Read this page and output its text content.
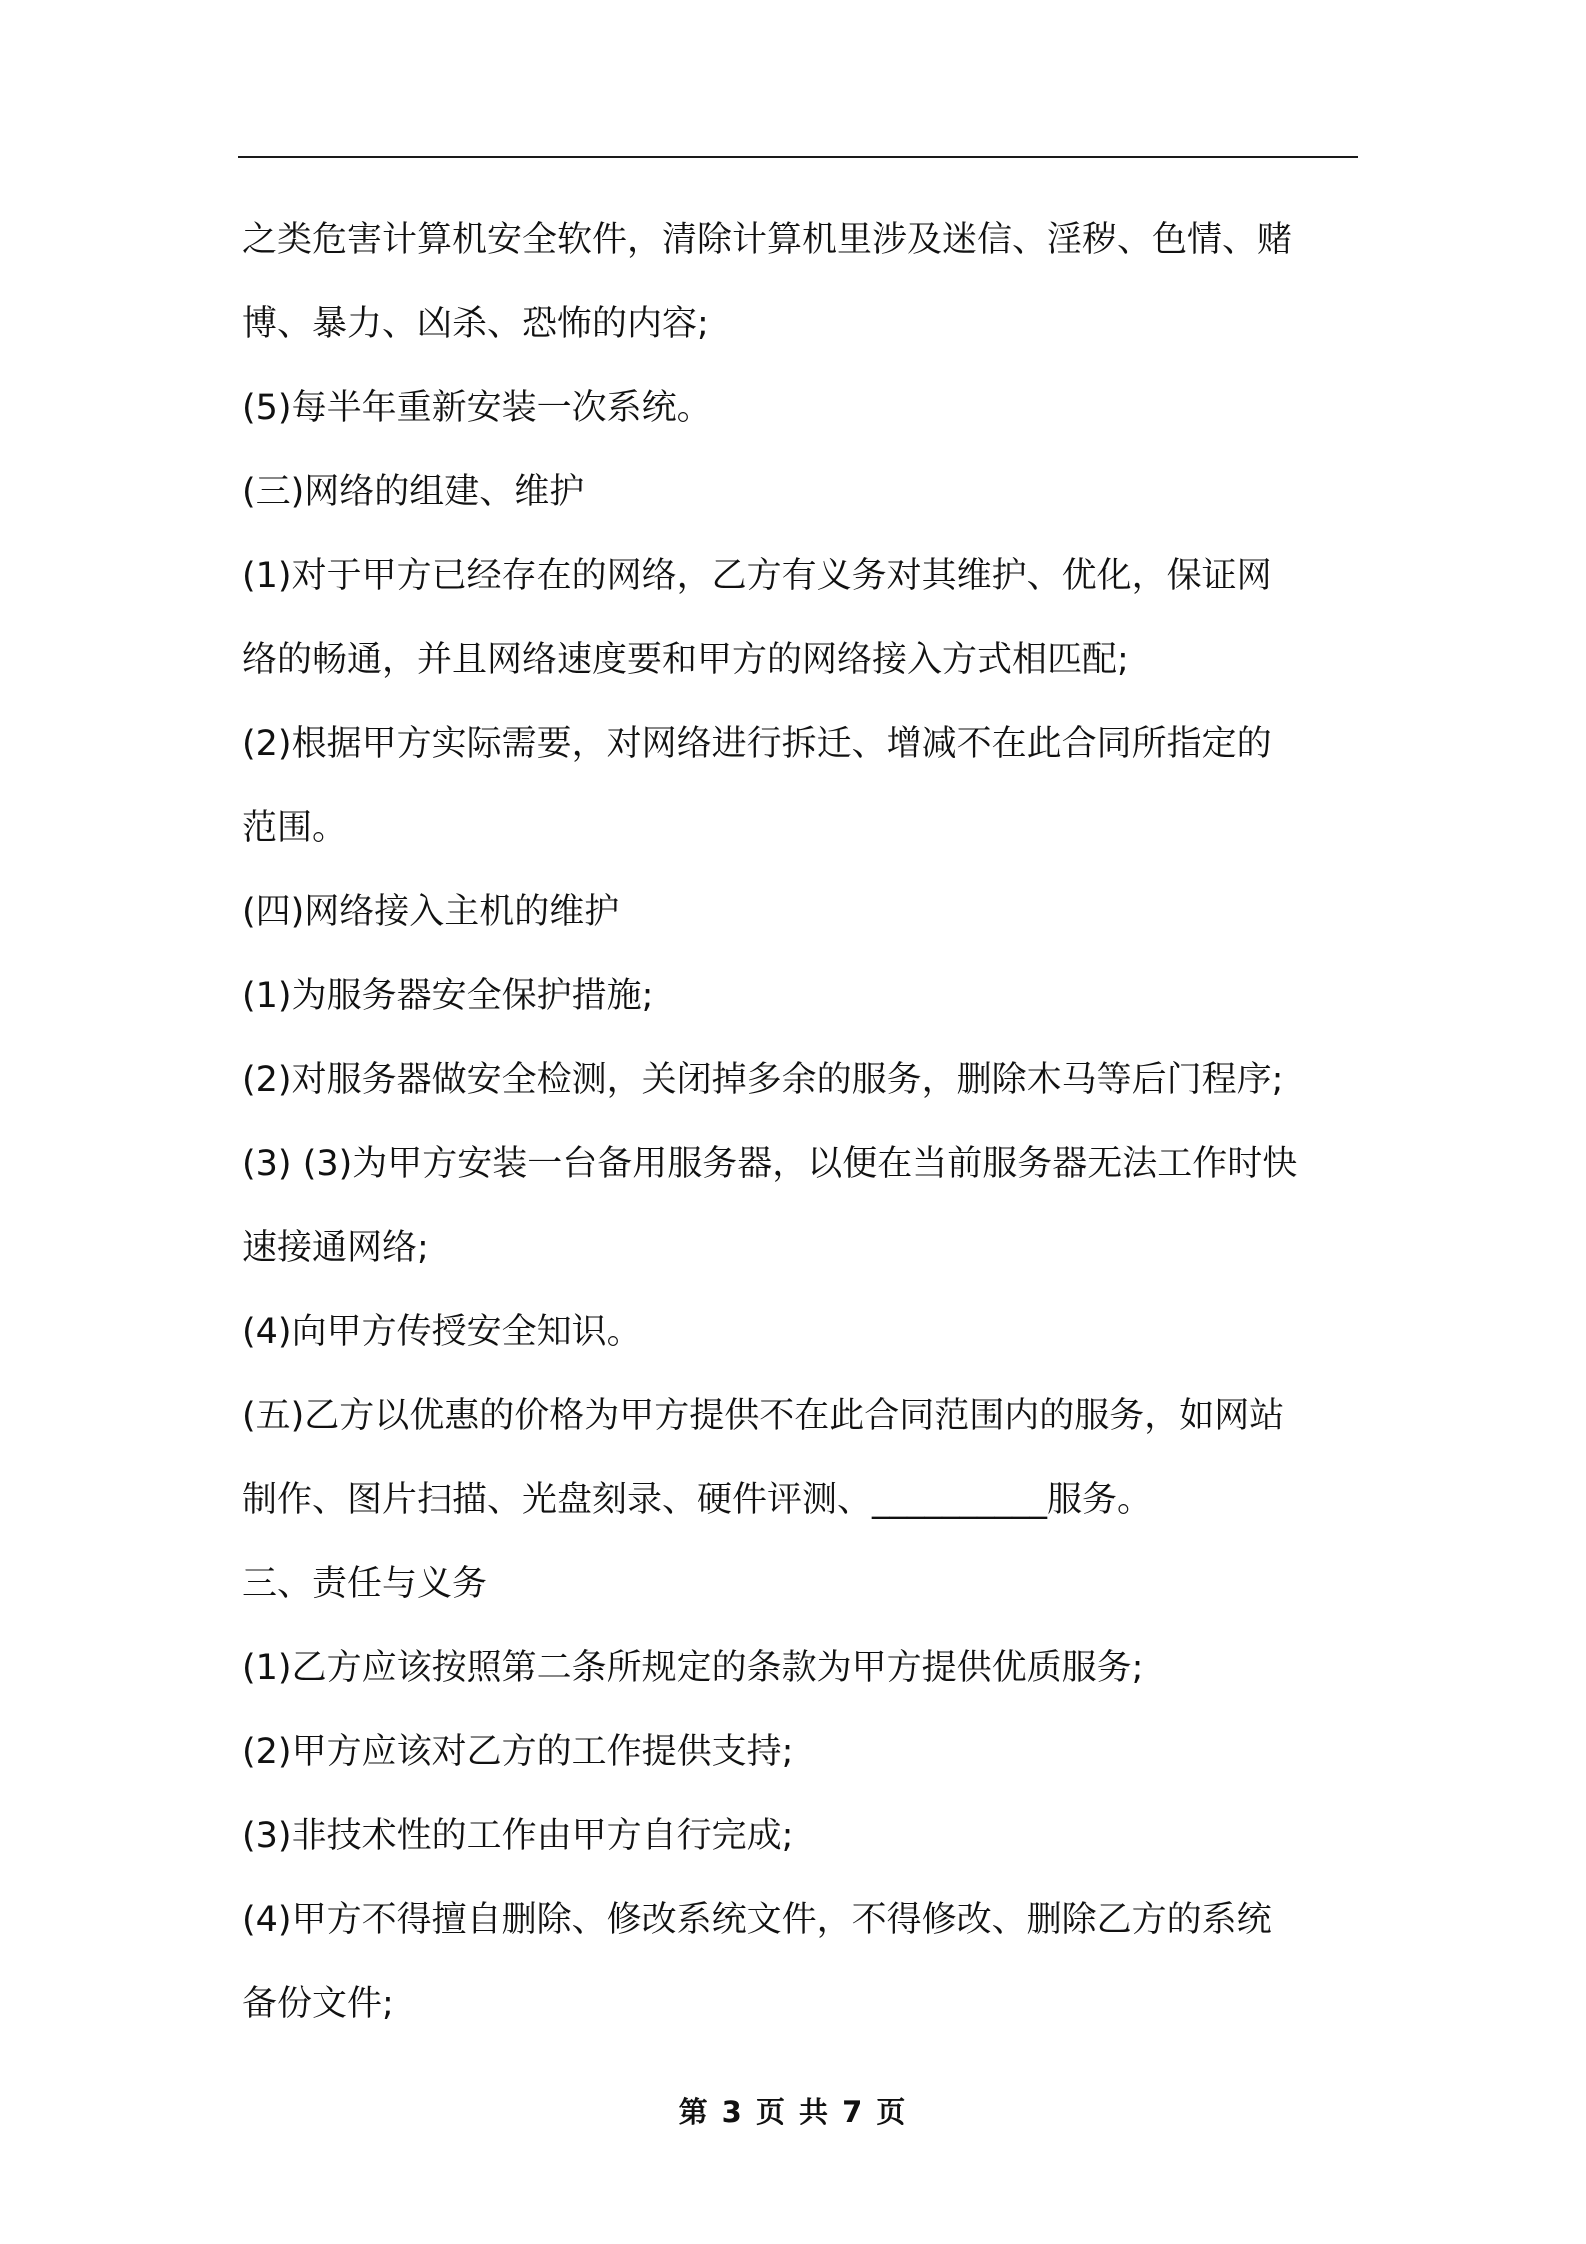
之类危害计算机安全软件，清除计算机里涉及迷信、淫秽、色情、赌
博、暴力、凶杀、恐怖的内容;
(5)每半年重新安装一次系统。
(三)网络的组建、维护
(1)对于甲方已经存在的网络，乙方有义务对其维护、优化，保证网
络的畅通，并且网络速度要和甲方的网络接入方式相匹配;
(2)根据甲方实际需要，对网络进行拆迁、增减不在此合同所指定的
范围。
(四)网络接入主机的维护
(1)为服务器安全保护措施;
(2)对服务器做安全检测，关闭掉多余的服务，删除木马等后门程序;
(3) (3)为甲方安装一台备用服务器，以便在当前服务器无法工作时快
速接通网络;
(4)向甲方传授安全知识。
(五)乙方以优惠的价格为甲方提供不在此合同范围内的服务，如网站
制作、图片扫描、光盘刻录、硬件评测、__________服务。
三、责任与义务
(1)乙方应该按照第二条所规定的条款为甲方提供优质服务;
(2)甲方应该对乙方的工作提供支持;
(3)非技术性的工作由甲方自行完成;
(4)甲方不得擅自删除、修改系统文件，不得修改、删除乙方的系统
备份文件;
第 3 页 共 7 页
